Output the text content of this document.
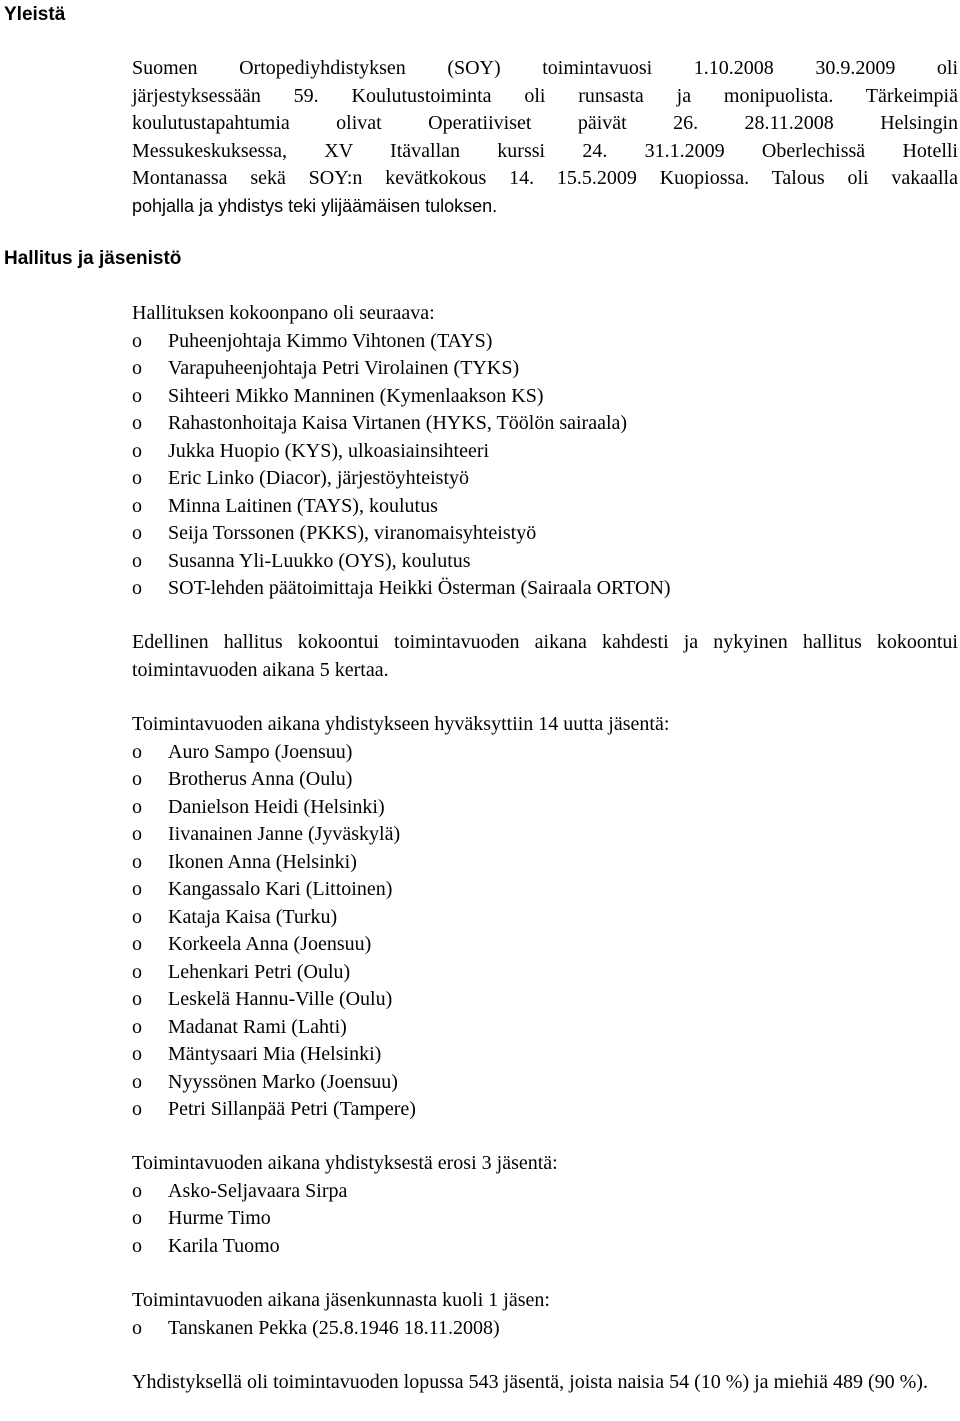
Yleistä
Hallitus ja jäsenistö
Suomen Ortopediyhdistyksen (SOY) toimintavuosi 1.10.2008 30.9.2009 oli
järjestyksessään 59. Koulutustoiminta oli runsasta ja monipuolista. Tärkeimpiä
koulutustapahtumia olivat Operatiiviset päivät 26. 28.11.2008 Helsingin
Messukeskuksessa, XV Itävallan kurssi 24. 31.1.2009 Oberlechissä Hotelli
Montanassa sekä SOY:n kevätkokous 14. 15.5.2009 Kuopiossa. Talous oli vakaalla
pohjalla ja yhdistys teki ylijäämäisen tuloksen.

Hallituksen kokoonpano oli seuraava:

o Puheenjohtaja Kimmo Vihtonen (TAYS)
o Varapuheenjohtaja Petri Virolainen (TYKS)
o Sihteeri Mikko Manninen (Kymenlaakson KS)
o Rahastonhoitaja Kaisa Virtanen (HYKS, Töölön sairaala)
o Jukka Huopio (KYS), ulkoasiainsihteeri
o Eric Linko (Diacor), järjestöyhteistyö
o Minna Laitinen (TAYS), koulutus
o Seija Torssonen (PKKS), viranomaisyhteistyö
o Susanna Yli-Luukko (OYS), koulutus
o SOT-lehden päätoimittaja Heikki Österman (Sairaala ORTON)

Edellinen hallitus kokoontui toimintavuoden aikana kahdesti ja nykyinen hallitus kokoontui toimintavuoden aikana 5 kertaa.

Toimintavuoden aikana yhdistykseen hyväksyttiin 14 uutta jäsentä:

o Auro Sampo (Joensuu)
o Brotherus Anna (Oulu)
o Danielson Heidi (Helsinki)
o Iivanainen Janne (Jyväskylä)
o Ikonen Anna (Helsinki)
o Kangassalo Kari (Littoinen)
o Kataja Kaisa (Turku)
o Korkeela Anna (Joensuu)
o Lehenkari Petri (Oulu)
o Leskelä Hannu-Ville (Oulu)
o Madanat Rami (Lahti)
o Mäntysaari Mia (Helsinki)
o Nyyssönen Marko (Joensuu)
o Petri Sillanpää Petri (Tampere)

Toimintavuoden aikana yhdistyksestä erosi 3 jäsentä:

o Asko-Seljavaara Sirpa
o Hurme Timo
o Karila Tuomo

Toimintavuoden aikana jäsenkunnasta kuoli 1 jäsen:

o Tanskanen Pekka (25.8.1946 18.11.2008)

Yhdistyksellä oli toimintavuoden lopussa 543 jäsentä, joista naisia 54 (10 %) ja miehiä 489 (90 %).
